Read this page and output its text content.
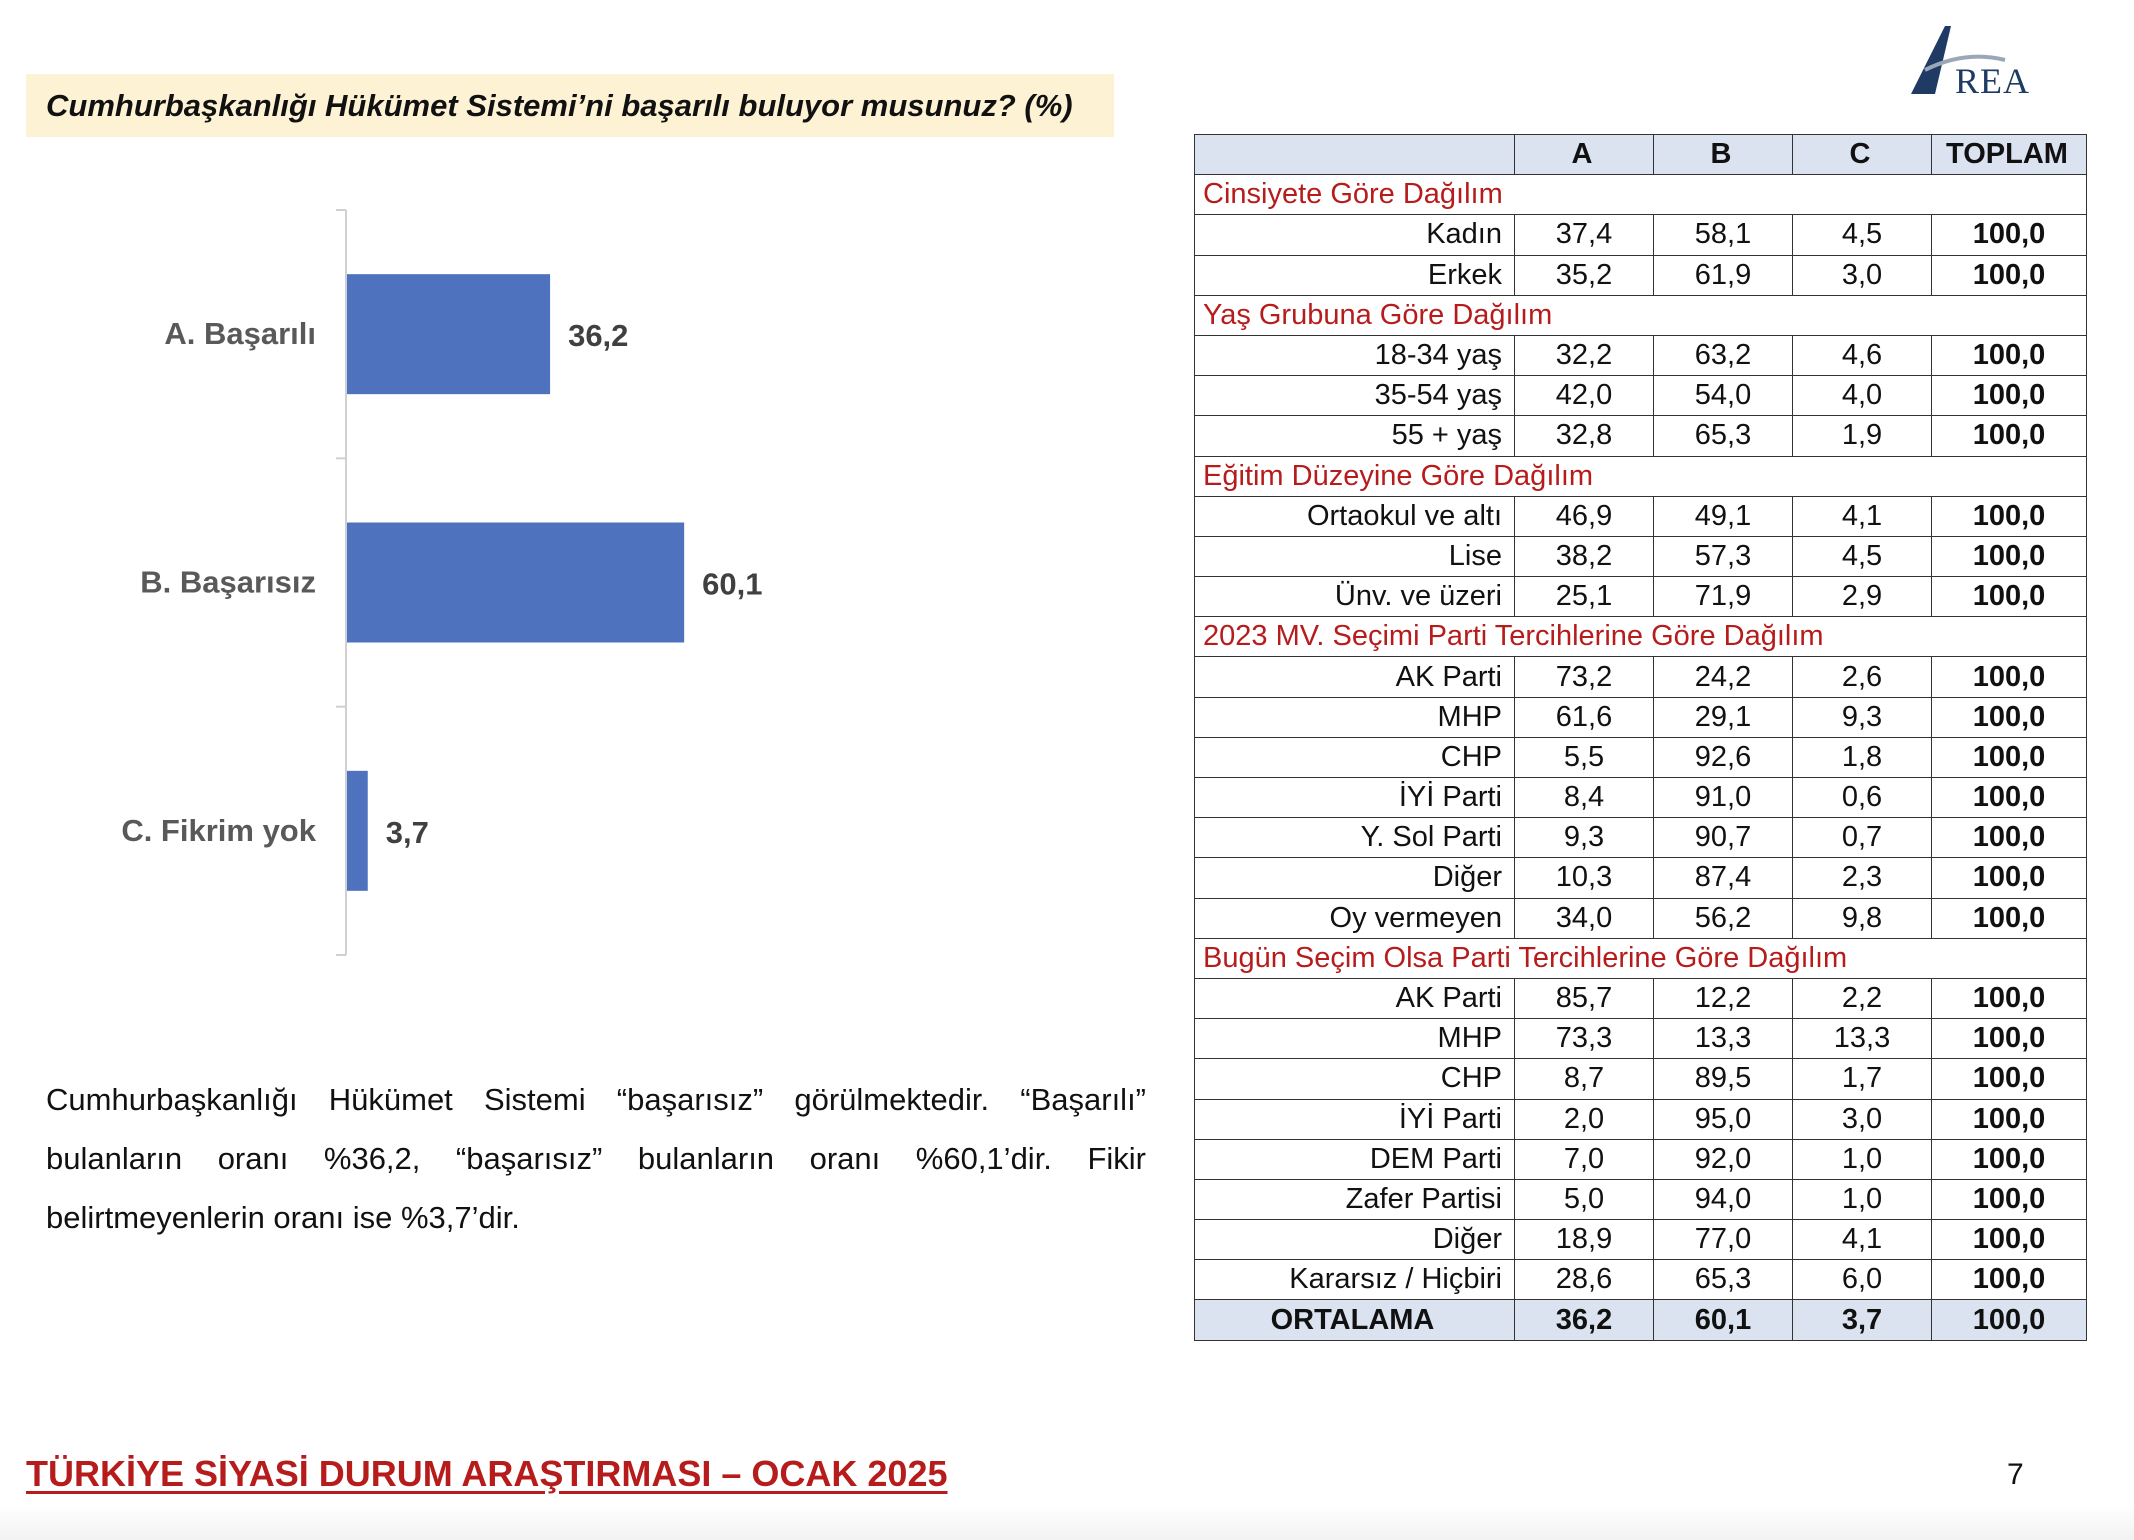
Cumhurbaşkanlığı Hükümet Sistemi’ni başarılı buluyor musunuz? (%)
REA
A. Başarılı	36,2
B. Başarısız	60,1
C. Fikrim yok 3,7
Cumhurbaşkanlığı Hükümet Sistemi “başarısız” görülmektedir. “Başarılı” bulanların oranı %36,2, “başarısız” bulanların oranı %60,1’dir. Fikir belirtmeyenlerin oranı ise %3,7’dir.
	A	B	C	TOPLAM
Cinsiyete Göre Dağılım				
Kadın	37,4	58,1	4,5	100,0
Erkek	35,2	61,9	3,0	100,0
Yaş Grubuna Göre Dağılım				
18-34 yaş	32,2	63,2	4,6	100,0
35-54 yaş	42,0	54,0	4,0	100,0
55 + yaş	32,8	65,3	1,9	100,0
Eğitim Düzeyine Göre Dağılım				
Ortaokul ve altı	46,9	49,1	4,1	100,0
Lise	38,2	57,3	4,5	100,0
Ünv. ve üzeri	25,1	71,9	2,9	100,0
2023 MV. Seçimi Parti Tercihlerine Göre Dağılım				
AK Parti	73,2	24,2	2,6	100,0
MHP	61,6	29,1	9,3	100,0
CHP	5,5	92,6	1,8	100,0
İYİ Parti	8,4	91,0	0,6	100,0
Y. Sol Parti	9,3	90,7	0,7	100,0
Diğer	10,3	87,4	2,3	100,0
Oy vermeyen	34,0	56,2	9,8	100,0
Bugün Seçim Olsa Parti Tercihlerine Göre Dağılım				
AK Parti	85,7	12,2	2,2	100,0
MHP	73,3	13,3	13,3	100,0
CHP	8,7	89,5	1,7	100,0
İYİ Parti	2,0	95,0	3,0	100,0
DEM Parti	7,0	92,0	1,0	100,0
Zafer Partisi	5,0	94,0	1,0	100,0
Diğer	18,9	77,0	4,1	100,0
Kararsız / Hiçbiri	28,6	65,3	6,0	100,0
ORTALAMA	36,2	60,1	3,7	100,0
TÜRKİYE SİYASİ DURUM ARAŞTIRMASI – OCAK 2025	7
